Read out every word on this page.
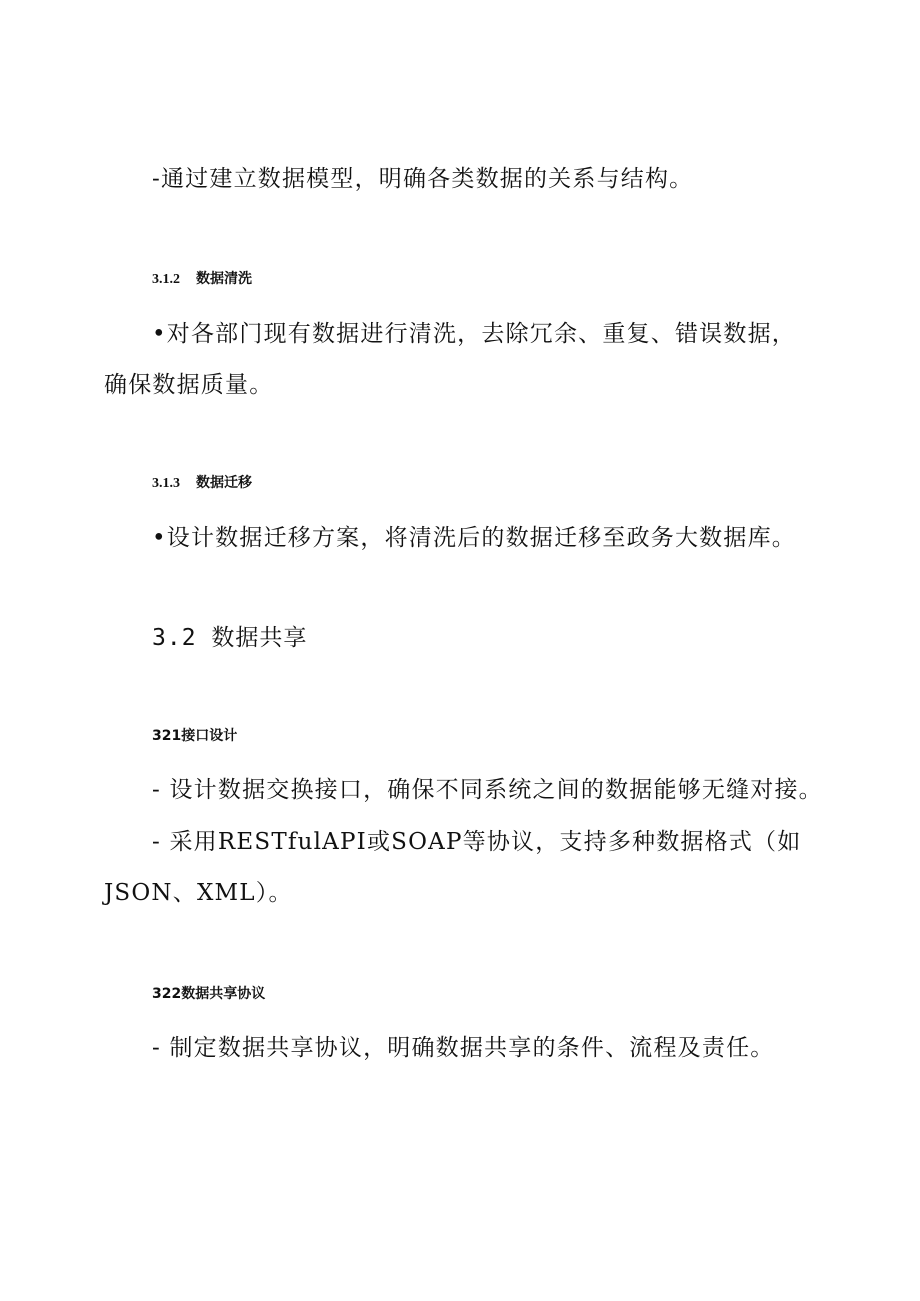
-通过建立数据模型，明确各类数据的关系与结构。

3.1.2 数据清洗

•对各部门现有数据进行清洗，去除冗余、重复、错误数据，

确保数据质量。

3.1.3 数据迁移

•设计数据迁移方案，将清洗后的数据迁移至政务大数据库。

3.2 数据共享

321接口设计

- 设计数据交换接口，确保不同系统之间的数据能够无缝对接。

- 采用RESTfulAPI或SOAP等协议，支持多种数据格式（如

JSON、XML）。

322数据共享协议

- 制定数据共享协议，明确数据共享的条件、流程及责任。
